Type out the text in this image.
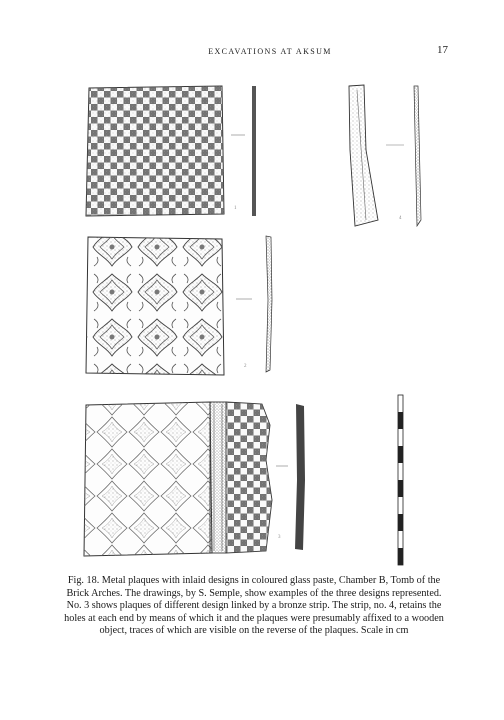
EXCAVATIONS AT AKSUM	17
1
2
3
4

Fig. 18. Metal plaques with inlaid designs in coloured glass paste, Chamber B, Tomb of the Brick Arches. The drawings, by S. Semple, show examples of the three designs represented. No. 3 shows plaques of different design linked by a bronze strip. The strip, no. 4, retains the holes at each end by means of which it and the plaques were presumably affixed to a wooden object, traces of which are visible on the reverse of the plaques. Scale in cm
